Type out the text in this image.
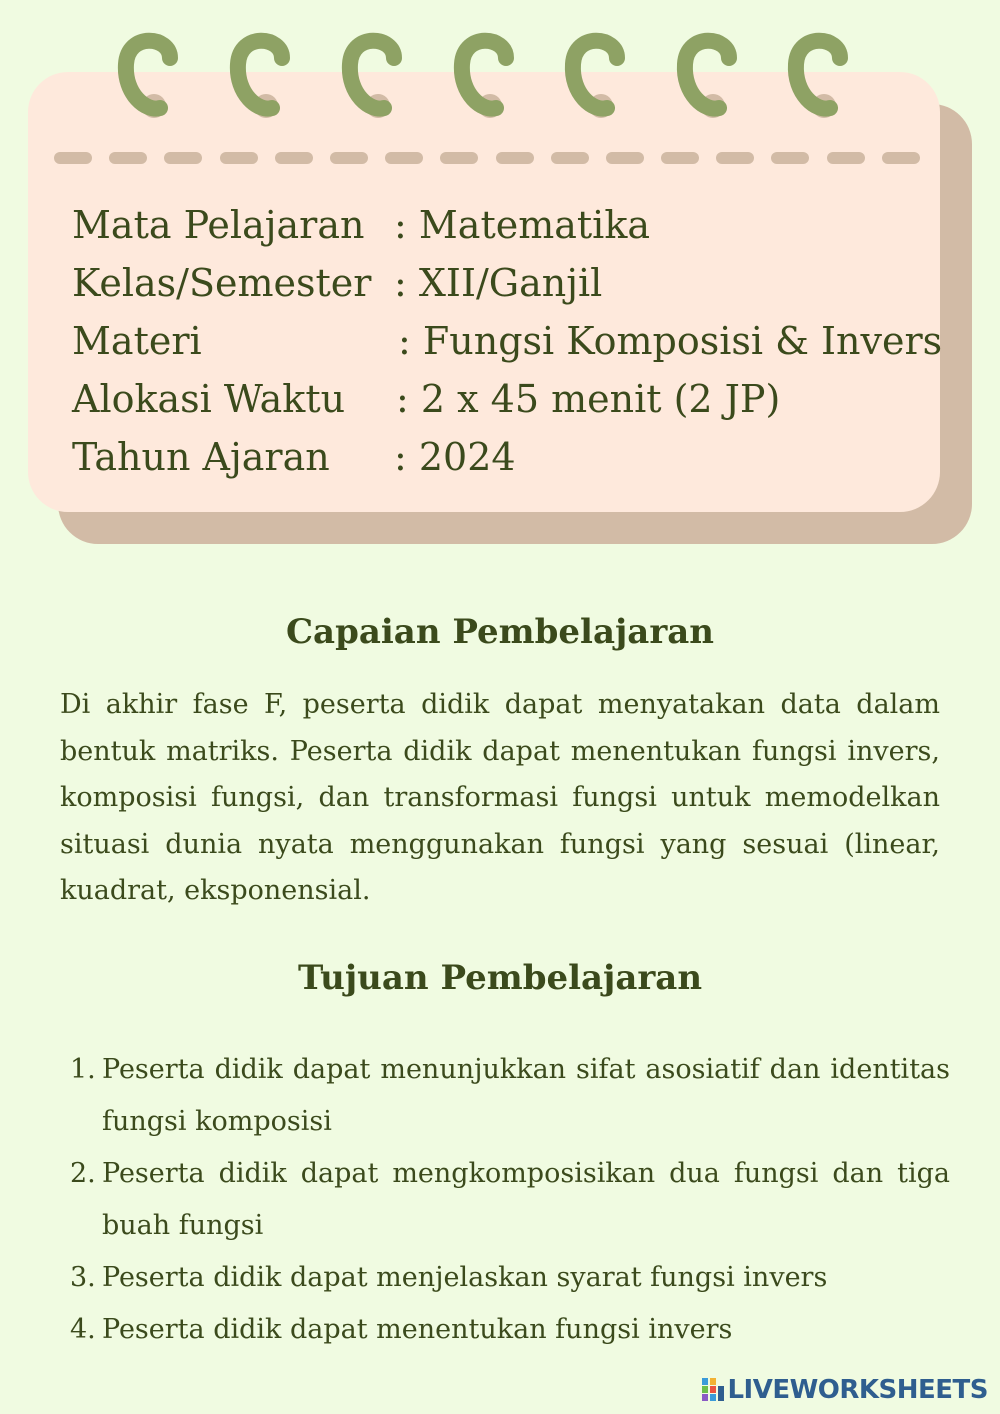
Mata Pelajaran : Matematika
Kelas/Semester : XII/Ganjil
Materi	: Fungsi Komposisi & Invers
Alokasi Waktu : 2 x 45 menit (2 JP)
Tahun Ajaran : 2024
Capaian Pembelajaran
Di akhir fase F, peserta didik dapat menyatakan data dalam bentuk matriks. Peserta didik dapat menentukan fungsi invers, komposisi fungsi, dan transformasi fungsi untuk memodelkan situasi dunia nyata menggunakan fungsi yang sesuai (linear, kuadrat, eksponensial.
Tujuan Pembelajaran
1. Peserta didik dapat menunjukkan sifat asosiatif dan identitas fungsi komposisi
2. Peserta didik dapat mengkomposisikan dua fungsi dan tiga buah fungsi
3. Peserta didik dapat menjelaskan syarat fungsi invers
4. Peserta didik dapat menentukan fungsi invers
LIVEWORKSHEETS
